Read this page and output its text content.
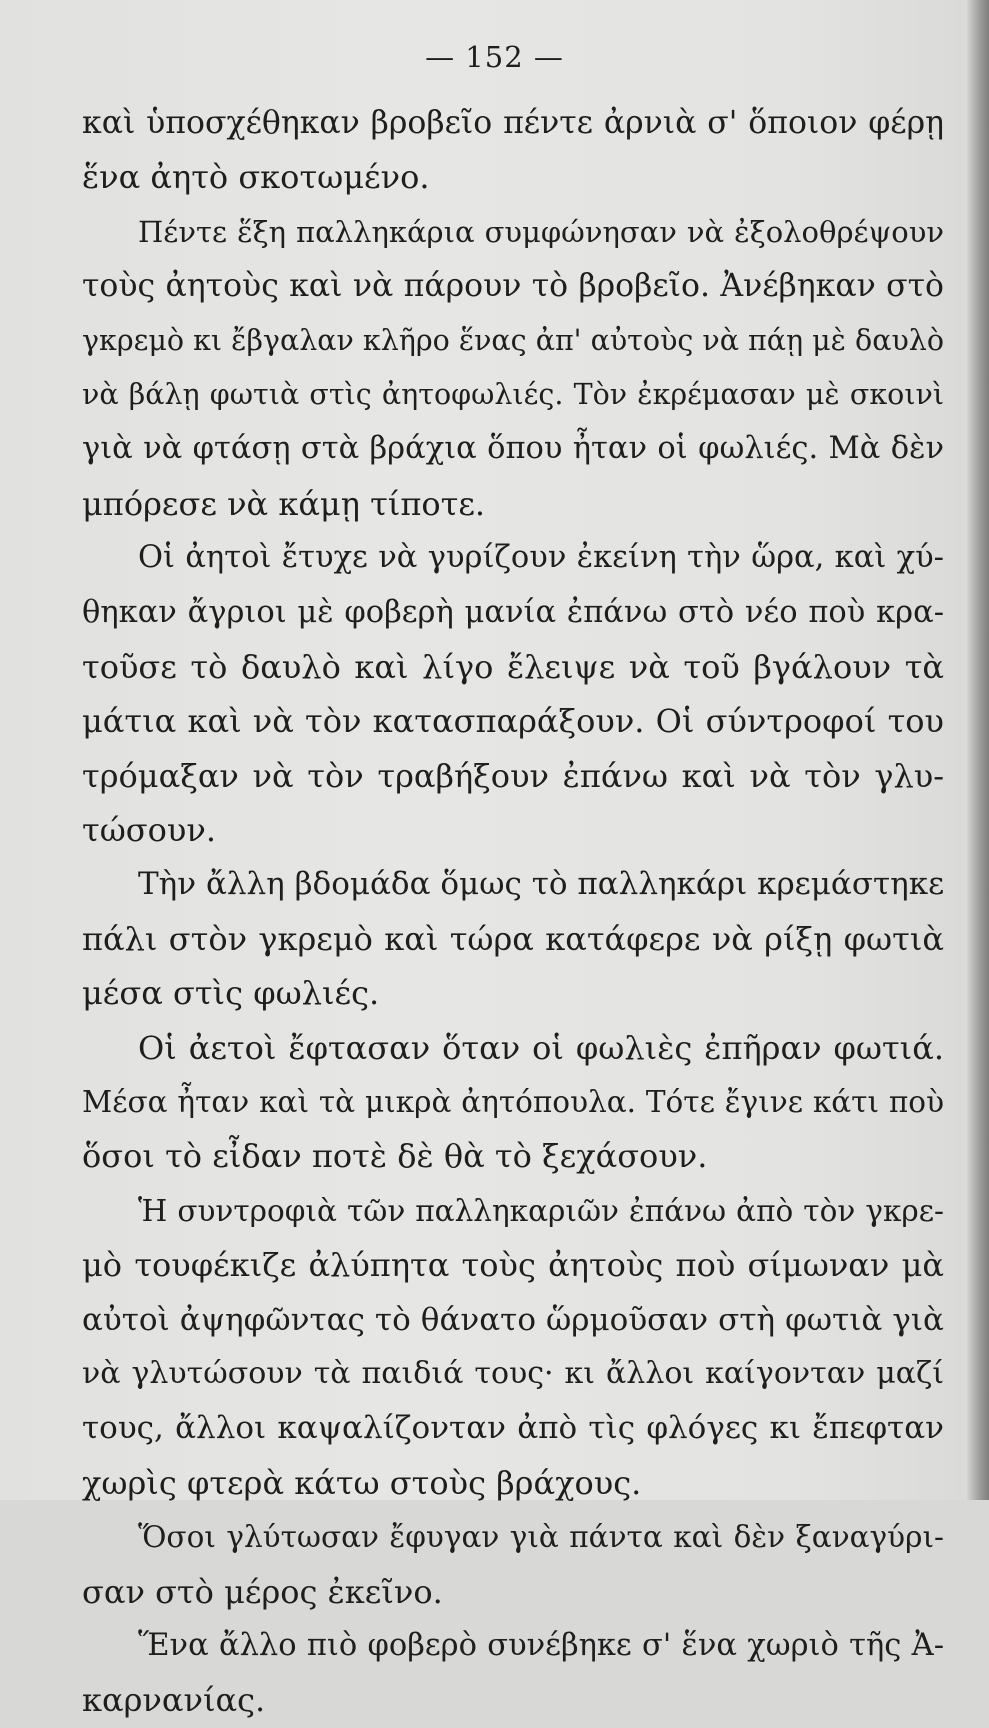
— 152 —
καὶ ὑποσχέθηκαν βροβεῖο πέντε ἀρνιὰ σ' ὅποιον φέρῃ
ἕνα ἀητὸ σκοτωμένο.
Πέντε ἕξη παλληκάρια συμφώνησαν νὰ ἐξολοθρέψουν
τοὺς ἀητοὺς καὶ νὰ πάρουν τὸ βροβεῖο. Ἀνέβηκαν στὸ
γκρεμὸ κι ἔβγαλαν κλῆρο ἕνας ἀπ' αὐτοὺς νὰ πάῃ μὲ δαυλὸ
νὰ βάλῃ φωτιὰ στὶς ἀητοφωλιές. Τὸν ἐκρέμασαν μὲ σκοινὶ
γιὰ νὰ φτάσῃ στὰ βράχια ὅπου ἦταν οἱ φωλιές. Μὰ δὲν
μπόρεσε νὰ κάμῃ τίποτε.
Οἱ ἀητοὶ ἔτυχε νὰ γυρίζουν ἐκείνη τὴν ὥρα, καὶ χύ-
θηκαν ἄγριοι μὲ φοβερὴ μανία ἐπάνω στὸ νέο ποὺ κρα-
τοῦσε τὸ δαυλὸ καὶ λίγο ἔλειψε νὰ τοῦ βγάλουν τὰ
μάτια καὶ νὰ τὸν κατασπαράξουν. Οἱ σύντροφοί του
τρόμαξαν νὰ τὸν τραβήξουν ἐπάνω καὶ νὰ τὸν γλυ-
τώσουν.
Τὴν ἄλλη βδομάδα ὅμως τὸ παλληκάρι κρεμάστηκε
πάλι στὸν γκρεμὸ καὶ τώρα κατάφερε νὰ ρίξῃ φωτιὰ
μέσα στὶς φωλιές.
Οἱ ἀετοὶ ἔφτασαν ὅταν οἱ φωλιὲς ἐπῆραν φωτιά.
Μέσα ἦταν καὶ τὰ μικρὰ ἀητόπουλα. Τότε ἔγινε κάτι ποὺ
ὅσοι τὸ εἶδαν ποτὲ δὲ θὰ τὸ ξεχάσουν.
Ἡ συντροφιὰ τῶν παλληκαριῶν ἐπάνω ἀπὸ τὸν γκρε-
μὸ τουφέκιζε ἀλύπητα τοὺς ἀητοὺς ποὺ σίμωναν μὰ
αὐτοὶ ἀψηφῶντας τὸ θάνατο ὥρμοῦσαν στὴ φωτιὰ γιὰ
νὰ γλυτώσουν τὰ παιδιά τους· κι ἄλλοι καίγονταν μαζί
τους, ἄλλοι καψαλίζονταν ἀπὸ τὶς φλόγες κι ἔπεφταν
χωρὶς φτερὰ κάτω στοὺς βράχους.
Ὅσοι γλύτωσαν ἔφυγαν γιὰ πάντα καὶ δὲν ξαναγύρι-
σαν στὸ μέρος ἐκεῖνο.
Ἕνα ἄλλο πιὸ φοβερὸ συνέβηκε σ' ἕνα χωριὸ τῆς Ἀ-
καρνανίας.
